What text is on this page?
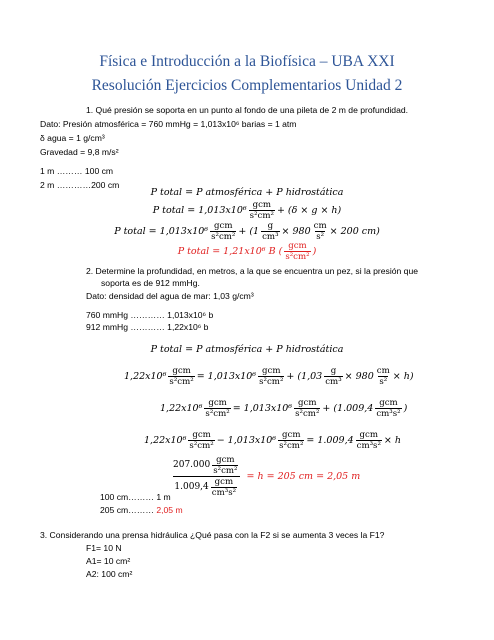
Física e Introducción a la Biofísica – UBA XXI
Resolución Ejercicios Complementarios Unidad 2
1. Qué presión se soporta en un punto al fondo de una pileta de 2 m de profundidad.
Dato: Presión atmosférica = 760 mmHg = 1,013x10⁶ barias = 1 atm
δ agua = 1 g/cm³
Gravedad = 9,8 m/s²
1 m ……… 100 cm
2 m …………200 cm
P total = P atmosférica + P hidrostática
P total = $1,013x10^6 \frac{\text{gcm}}{\text{s²cm²}} + (\delta \times g \times h)$
P total = $1,013x10^6 \frac{\text{gcm}}{\text{s²cm²}} + (1 \frac{g}{\text{cm³}} \times 980 \frac{cm}{\text{s²}} \times 200$ cm)
P total = 1,21x10⁶ B ( $\frac{\text{gcm}}{\text{s²cm²}}$ )
2. Determine la profundidad, en metros, a la que se encuentra un pez, si la presión que
soporta es de 912 mmHg.
Dato: densidad del agua de mar: 1,03 g/cm³
760 mmHg ………… 1,013x10⁶ b
912 mmHg ………… 1,22x10⁶ b
P total = P atmosférica + P hidrostática
$1,22x10^6 \frac{\text{gcm}}{\text{s²cm²}} = 1,013x10^6 \frac{\text{gcm}}{\text{s²cm²}} + (1,03 \frac{g}{\text{cm³}} \times 980 \frac{cm}{\text{s²}} \times h)$
$1,22x10^6 \frac{\text{gcm}}{\text{s²cm²}} = 1,013x10^6 \frac{\text{gcm}}{\text{s²cm²}} + (1.009,4 \frac{\text{gcm}}{\text{cm³s²}}$ )
$1,22x10^6 \frac{\text{gcm}}{\text{s²cm²}} - 1,013x10^6 \frac{\text{gcm}}{\text{s²cm²}} = 1.009,4 \frac{\text{gcm}}{\text{cm³s²}} \times h$
$\frac{207.000 \frac{\text{gcm}}{\text{s²cm²}}}{1.009,4 \frac{\text{gcm}}{\text{cm³s²}}} = h = 205$ cm = 2,05 m
100 cm……… 1 m
205 cm……… 2,05 m
3. Considerando una prensa hidráulica ¿Qué pasa con la F2 si se aumenta 3 veces la F1?
F1= 10 N
A1= 10 cm²
A2: 100 cm²
